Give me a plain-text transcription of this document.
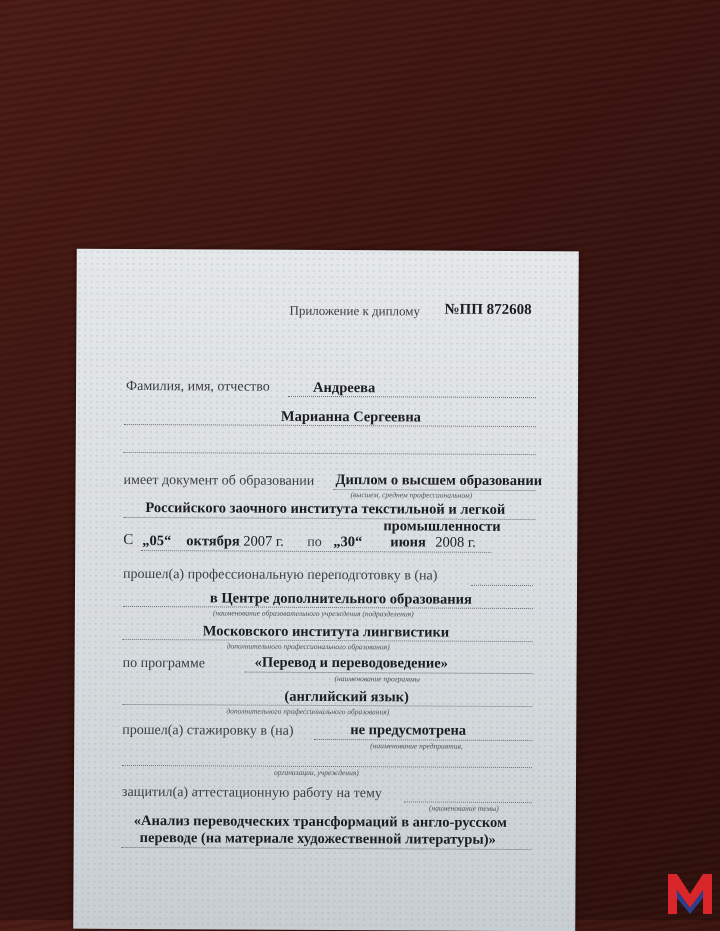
Приложение к диплому №ПП 872608
Фамилия, имя, отчество	Андреева
Марианна Сергеевна
имеет документ об образовании Диплом о высшем образовании
(высшем, среднем профессиональном)
Российского заочного института текстильной и легкой
промышленности
С „05“ октября 2007 г. по „30“ июня 2008 г.
прошел(а) профессиональную переподготовку в (на)
в Центре дополнительного образования
(наименование образовательного учреждения (подразделения)
Московского института лингвистики
дополнительного профессионального образования)
по программе	«Перевод и переводоведение»
(наименование программы
(английский язык)
дополнительного профессионального образования)
прошел(а) стажировку в (на)	не предусмотрена
(наименование предприятия,
организации, учреждения)
защитил(а) аттестационную работу на тему
(наименование темы)
«Анализ переводческих трансформаций в англо-русском
переводе (на материале художественной литературы)»
